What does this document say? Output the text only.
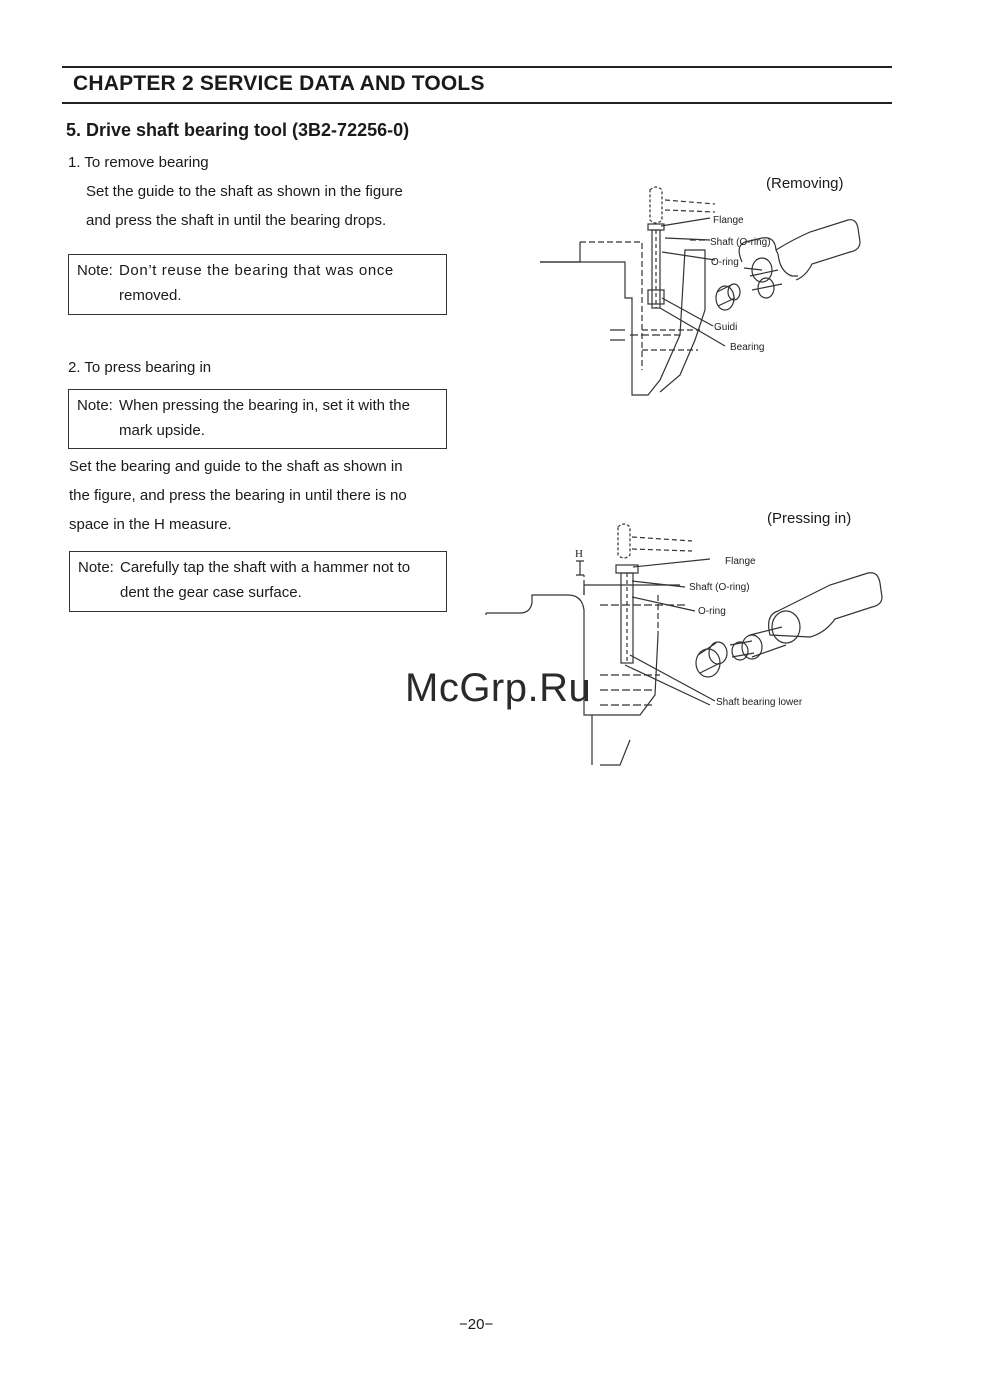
CHAPTER 2 SERVICE DATA AND TOOLS
5. Drive shaft bearing tool (3B2-72256-0)
1. To remove bearing
Set the guide to the shaft as shown in the figure
and press the shaft in until the bearing drops.
Note: Don’t reuse the bearing that was once
removed.
2. To press bearing in
Note: When pressing the bearing in, set it with the
mark upside.
Set the bearing and guide to the shaft as shown in
the figure, and press the bearing in until there is no
space in the H measure.
Note: Carefully tap the shaft with a hammer not to
dent the gear case surface.
(Removing)
Flange
Shaft (O-ring)
O-ring
Guidi
Bearing
(Pressing in)
H
Flange
Shaft (O-ring)
O-ring
Shaft bearing lower
McGrp.Ru
−20−
